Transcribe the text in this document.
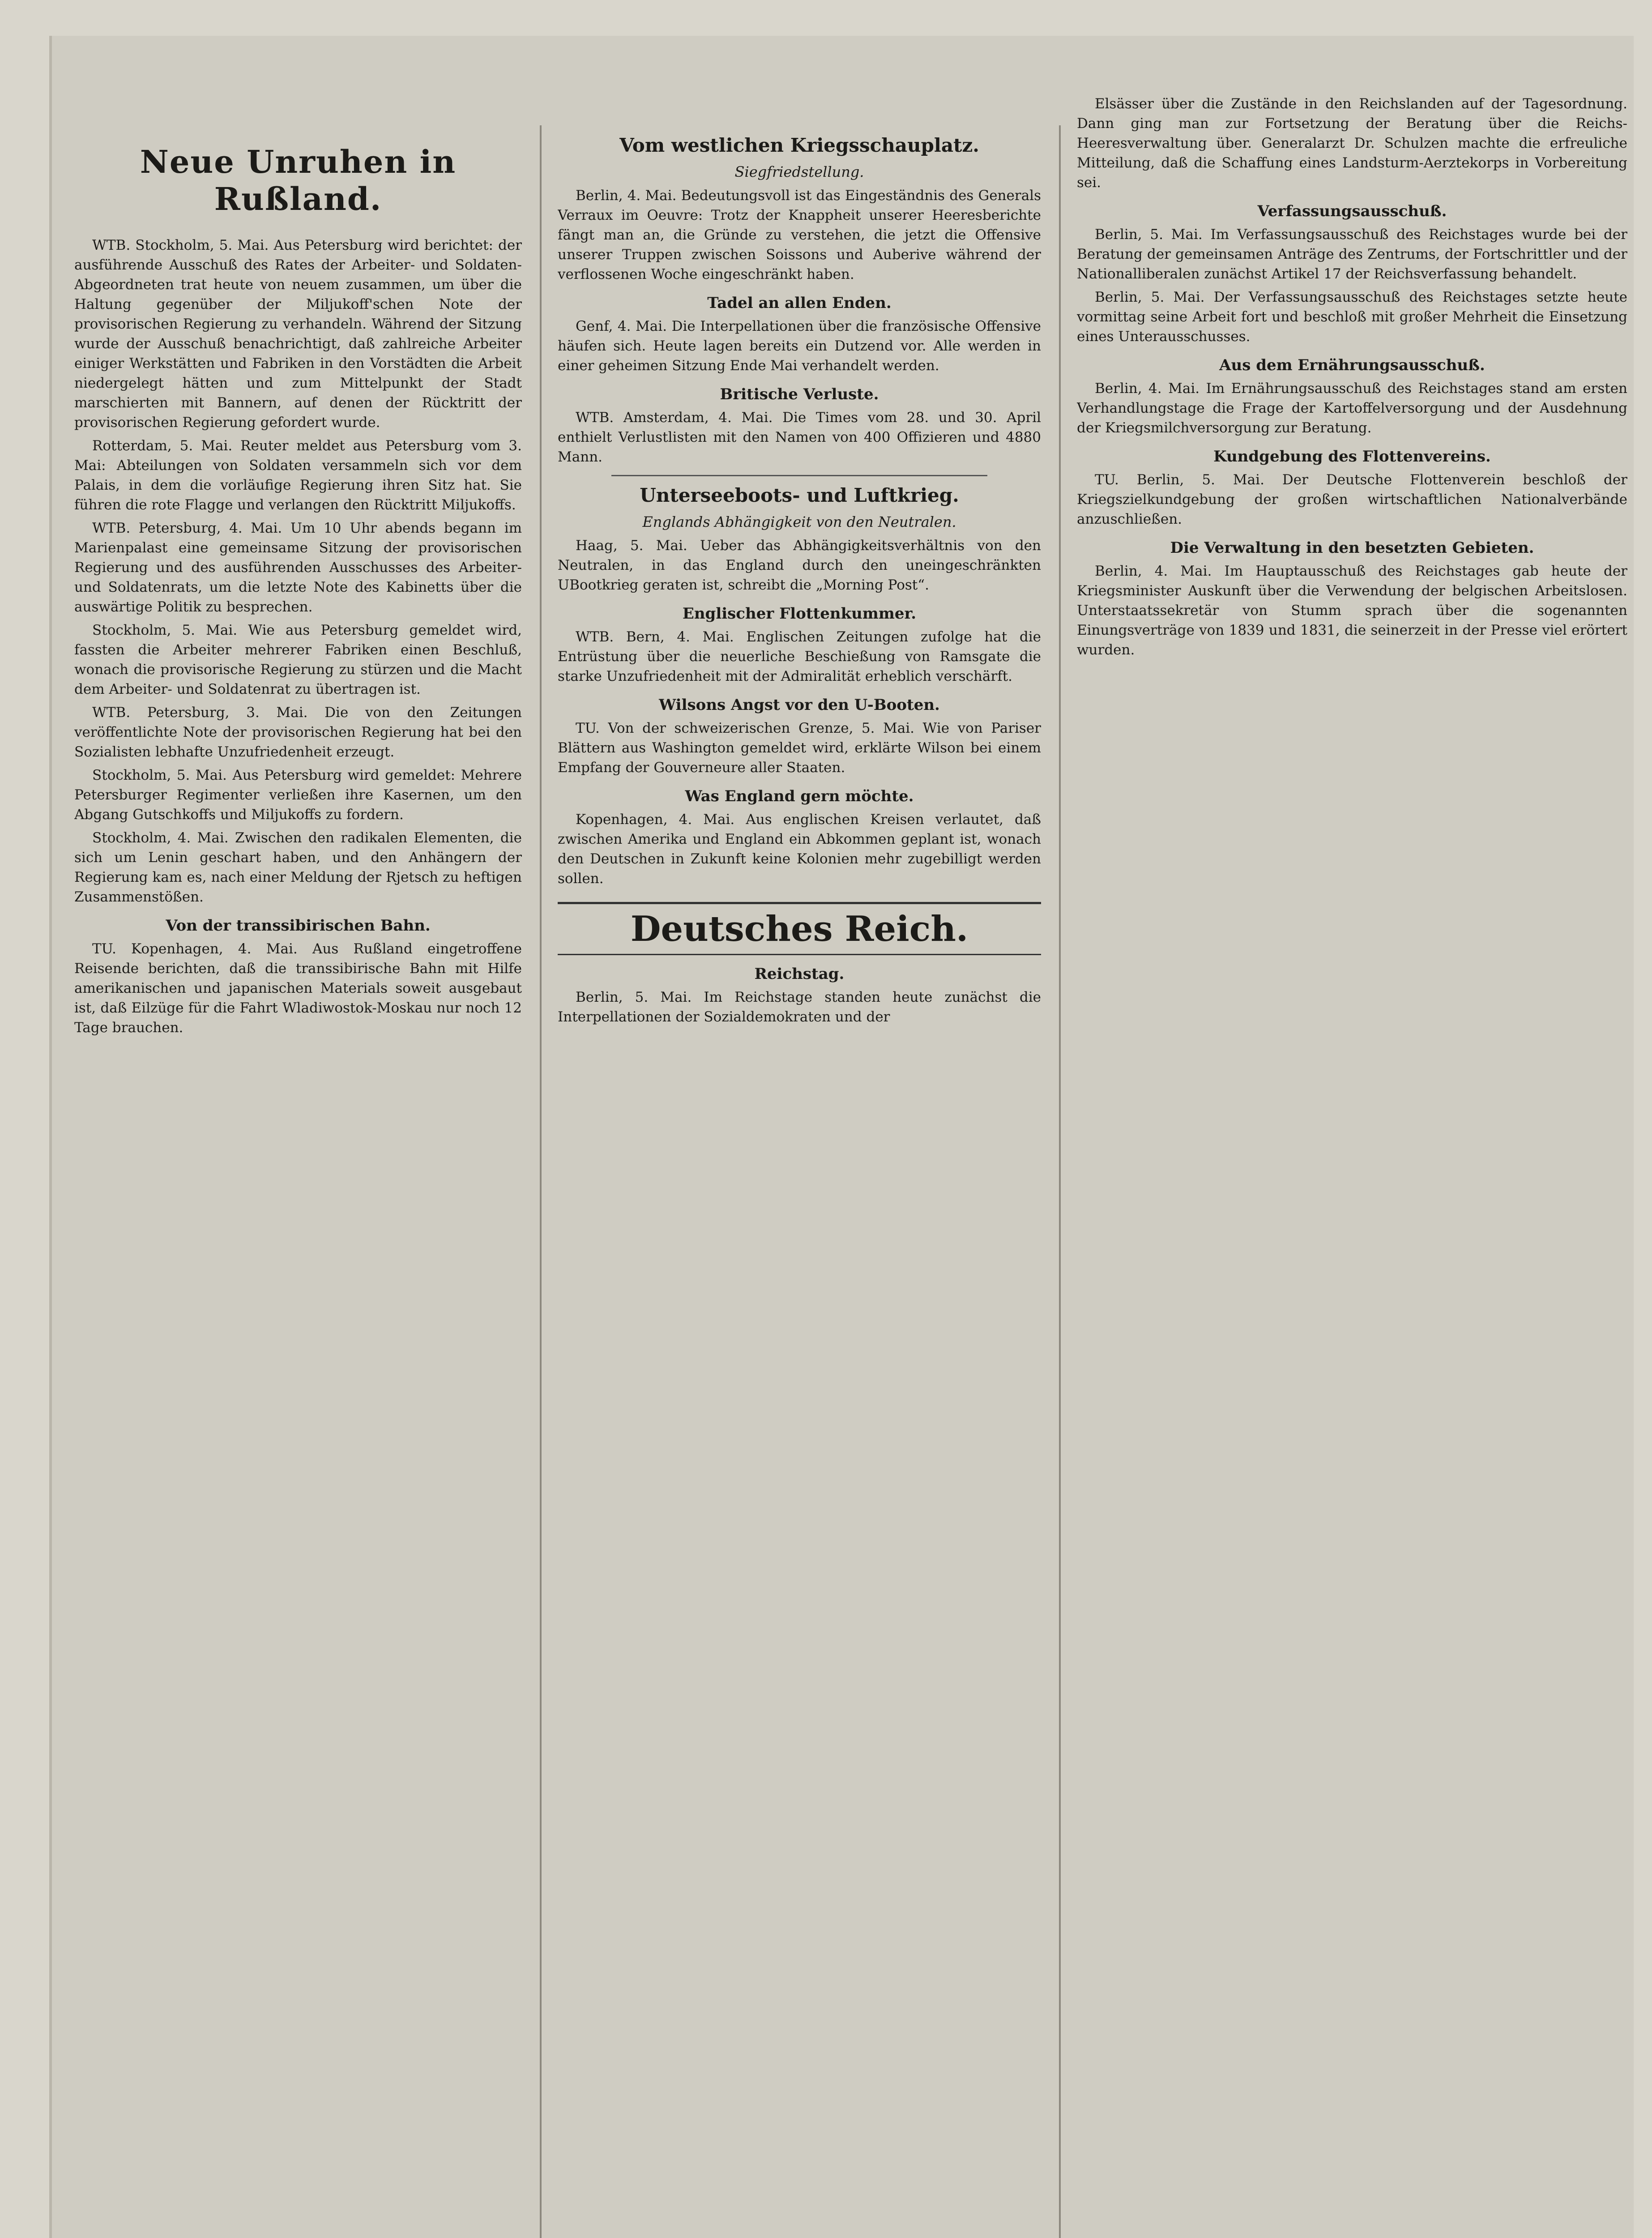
Neue Unruhen in Rußland.

WTB. Stockholm, 5. Mai. Aus Petersburg wird berichtet: der ausführende Ausschuß des Rates der Arbeiter- und Soldaten-Abgeordneten trat heute von neuem zusammen, um über die Haltung gegenüber der Miljukoff'schen Note der provisorischen Regierung zu verhandeln. Während der Sitzung wurde der Ausschuß benachrichtigt, daß zahlreiche Arbeiter einiger Werkstätten und Fabriken in den Vorstädten die Arbeit niedergelegt hätten und zum Mittelpunkt der Stadt marschierten mit Bannern, auf denen der Rücktritt der provisorischen Regierung gefordert wurde.

Rotterdam, 5. Mai. Reuter meldet aus Petersburg vom 3. Mai: Abteilungen von Soldaten versammeln sich vor dem Palais, in dem die vorläufige Regierung ihren Sitz hat. Sie führen die rote Flagge und verlangen den Rücktritt Miljukoffs.

WTB. Petersburg, 4. Mai. Um 10 Uhr abends begann im Marienpalast eine gemeinsame Sitzung der provisorischen Regierung und des ausführenden Ausschusses des Arbeiter- und Soldatenrats, um die letzte Note des Kabinetts über die auswärtige Politik zu besprechen.

Stockholm, 5. Mai. Wie aus Petersburg gemeldet wird, fassten die Arbeiter mehrerer Fabriken einen Beschluß, wonach die provisorische Regierung zu stürzen und die Macht dem Arbeiter- und Soldatenrat zu übertragen ist.

WTB. Petersburg, 3. Mai. Die von den Zeitungen veröffentlichte Note der provisorischen Regierung hat bei den Sozialisten lebhafte Unzufriedenheit erzeugt.

Stockholm, 5. Mai. Aus Petersburg wird gemeldet: Mehrere Petersburger Regimenter verließen ihre Kasernen, um den Abgang Gutschkoffs und Miljukoffs zu fordern.

Stockholm, 4. Mai. Zwischen den radikalen Elementen, die sich um Lenin geschart haben, und den Anhängern der Regierung kam es, nach einer Meldung der Rjetsch zu heftigen Zusammenstößen.

Von der transsibirischen Bahn.

TU. Kopenhagen, 4. Mai. Aus Rußland eingetroffene Reisende berichten, daß die transsibirische Bahn mit Hilfe amerikanischen und japanischen Materials soweit ausgebaut ist, daß Eilzüge für die Fahrt Wladiwostok-Moskau nur noch 12 Tage brauchen.

Vom westlichen Kriegsschauplatz.
Siegfriedstellung.

Berlin, 4. Mai. Bedeutungsvoll ist das Eingeständnis des Generals Verraux im Oeuvre: Trotz der Knappheit unserer Heeresberichte fängt man an, die Gründe zu verstehen, die jetzt die Offensive unserer Truppen zwischen Soissons und Auberive während der verflossenen Woche eingeschränkt haben.

Tadel an allen Enden.

Genf, 4. Mai. Die Interpellationen über die französische Offensive häufen sich. Heute lagen bereits ein Dutzend vor. Alle werden in einer geheimen Sitzung Ende Mai verhandelt werden.

Britische Verluste.

WTB. Amsterdam, 4. Mai. Die Times vom 28. und 30. April enthielt Verlustlisten mit den Namen von 400 Offizieren und 4880 Mann.

Unterseeboots- und Luftkrieg.
Englands Abhängigkeit von den Neutralen.

Haag, 5. Mai. Ueber das Abhängigkeitsverhältnis von den Neutralen, in das England durch den uneingeschränkten UBootkrieg geraten ist, schreibt die „Morning Post“.

Englischer Flottenkummer.

WTB. Bern, 4. Mai. Englischen Zeitungen zufolge hat die Entrüstung über die neuerliche Beschießung von Ramsgate die starke Unzufriedenheit mit der Admiralität erheblich verschärft.

Wilsons Angst vor den U-Booten.

TU. Von der schweizerischen Grenze, 5. Mai. Wie von Pariser Blättern aus Washington gemeldet wird, erklärte Wilson bei einem Empfang der Gouverneure aller Staaten.

Was England gern möchte.

Kopenhagen, 4. Mai. Aus englischen Kreisen verlautet, daß zwischen Amerika und England ein Abkommen geplant ist, wonach den Deutschen in Zukunft keine Kolonien mehr zugebilligt werden sollen.

Deutsches Reich.
Reichstag.

Berlin, 5. Mai. Im Reichstage standen heute zunächst die Interpellationen der Sozialdemokraten und der

Elsässer über die Zustände in den Reichslanden auf der Tagesordnung. Dann ging man zur Fortsetzung der Beratung über die Reichs-Heeresverwaltung über. Generalarzt Dr. Schulzen machte die erfreuliche Mitteilung, daß die Schaffung eines Landsturm-Aerztekorps in Vorbereitung sei.

Verfassungsausschuß.

Berlin, 5. Mai. Im Verfassungsausschuß des Reichstages wurde bei der Beratung der gemeinsamen Anträge des Zentrums, der Fortschrittler und der Nationalliberalen zunächst Artikel 17 der Reichsverfassung behandelt.

Berlin, 5. Mai. Der Verfassungsausschuß des Reichstages setzte heute vormittag seine Arbeit fort und beschloß mit großer Mehrheit die Einsetzung eines Unterausschusses.

Aus dem Ernährungsausschuß.

Berlin, 4. Mai. Im Ernährungsausschuß des Reichstages stand am ersten Verhandlungstage die Frage der Kartoffelversorgung und der Ausdehnung der Kriegsmilchversorgung zur Beratung.

Kundgebung des Flottenvereins.

TU. Berlin, 5. Mai. Der Deutsche Flottenverein beschloß der Kriegszielkundgebung der großen wirtschaftlichen Nationalverbände anzuschließen.

Die Verwaltung in den besetzten Gebieten.

Berlin, 4. Mai. Im Hauptausschuß des Reichstages gab heute der Kriegsminister Auskunft über die Verwendung der belgischen Arbeitslosen. Unterstaatssekretär von Stumm sprach über die sogenannten Einungsverträge von 1839 und 1831, die seinerzeit in der Presse viel erörtert wurden.
